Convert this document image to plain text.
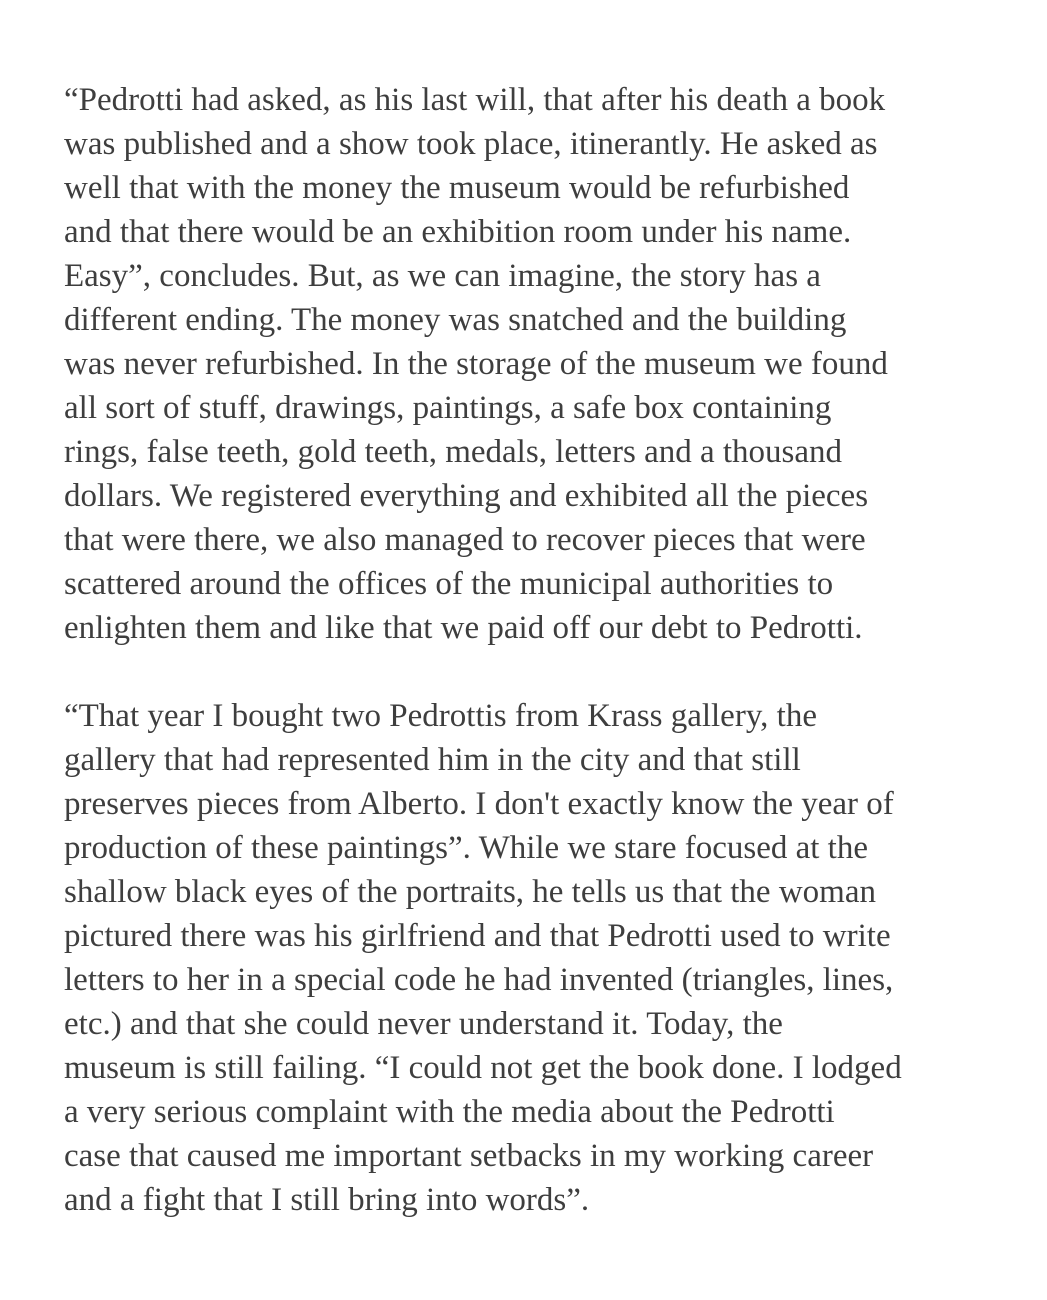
“Pedrotti had asked, as his last will, that after his death a book
was published and a show took place, itinerantly. He asked as
well that with the money the museum would be refurbished
and that there would be an exhibition room under his name.
Easy”, concludes. But, as we can imagine, the story has a
different ending. The money was snatched and the building
was never refurbished. In the storage of the museum we found
all sort of stuff, drawings, paintings, a safe box containing
rings, false teeth, gold teeth, medals, letters and a thousand
dollars. We registered everything and exhibited all the pieces
that were there, we also managed to recover pieces that were
scattered around the offices of the municipal authorities to
enlighten them and like that we paid off our debt to Pedrotti.
“That year I bought two Pedrottis from Krass gallery, the
gallery that had represented him in the city and that still
preserves pieces from Alberto. I don't exactly know the year of
production of these paintings”. While we stare focused at the
shallow black eyes of the portraits, he tells us that the woman
pictured there was his girlfriend and that Pedrotti used to write
letters to her in a special code he had invented (triangles, lines,
etc.) and that she could never understand it. Today, the
museum is still failing. “I could not get the book done. I lodged
a very serious complaint with the media about the Pedrotti
case that caused me important setbacks in my working career
and a fight that I still bring into words”.
